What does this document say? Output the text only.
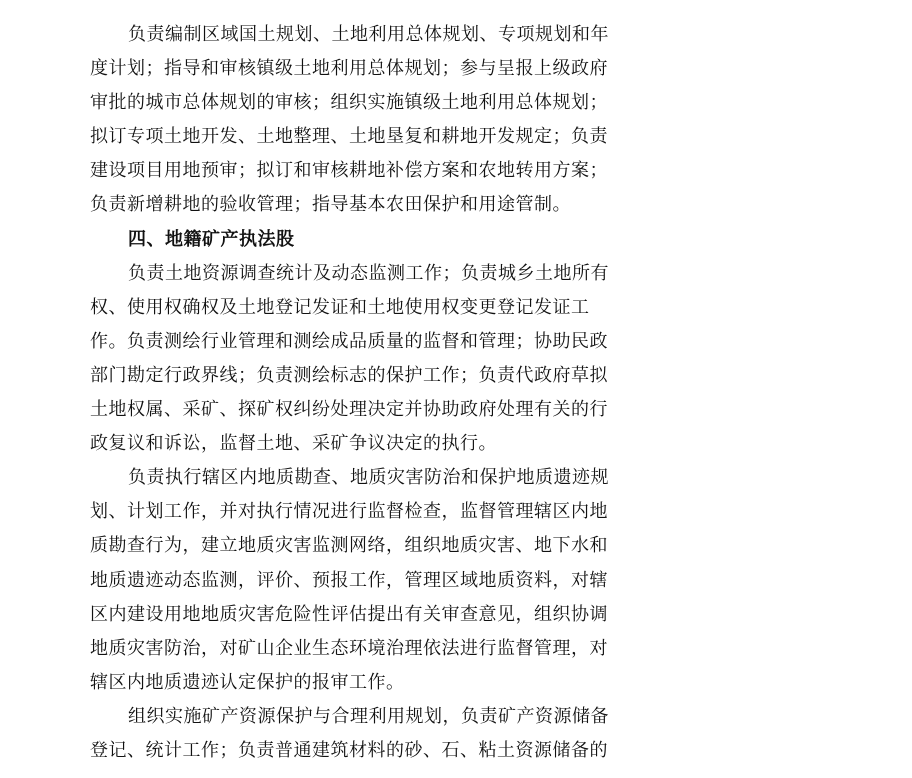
负责编制区域国土规划、土地利用总体规划、专项规划和年
度计划；指导和审核镇级土地利用总体规划；参与呈报上级政府
审批的城市总体规划的审核；组织实施镇级土地利用总体规划；
拟订专项土地开发、土地整理、土地垦复和耕地开发规定；负责
建设项目用地预审；拟订和审核耕地补偿方案和农地转用方案；
负责新增耕地的验收管理；指导基本农田保护和用途管制。
四、地籍矿产执法股
负责土地资源调查统计及动态监测工作；负责城乡土地所有
权、使用权确权及土地登记发证和土地使用权变更登记发证工
作。负责测绘行业管理和测绘成品质量的监督和管理；协助民政
部门勘定行政界线；负责测绘标志的保护工作；负责代政府草拟
土地权属、采矿、探矿权纠纷处理决定并协助政府处理有关的行
政复议和诉讼，监督土地、采矿争议决定的执行。
负责执行辖区内地质勘查、地质灾害防治和保护地质遗迹规
划、计划工作，并对执行情况进行监督检查，监督管理辖区内地
质勘查行为，建立地质灾害监测网络，组织地质灾害、地下水和
地质遗迹动态监测，评价、预报工作，管理区域地质资料，对辖
区内建设用地地质灾害危险性评估提出有关审查意见，组织协调
地质灾害防治，对矿山企业生态环境治理依法进行监督管理，对
辖区内地质遗迹认定保护的报审工作。
组织实施矿产资源保护与合理利用规划，负责矿产资源储备
登记、统计工作；负责普通建筑材料的砂、石、粘土资源储备的
